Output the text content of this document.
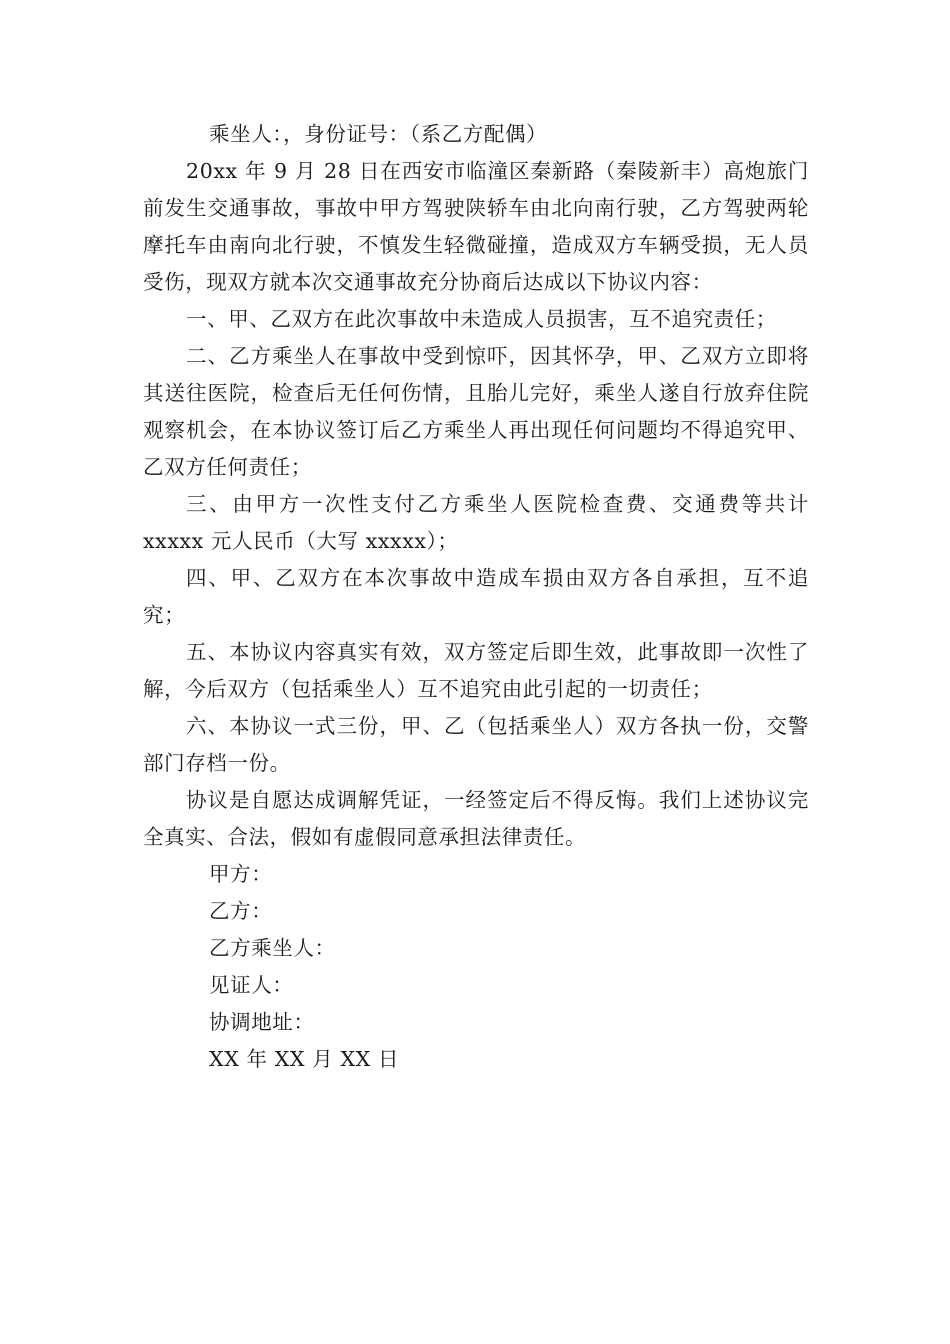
乘坐人：，身份证号：（系乙方配偶）

20xx 年 9 月 28 日在西安市临潼区秦新路（秦陵新丰）高炮旅门前发生交通事故，事故中甲方驾驶陕轿车由北向南行驶，乙方驾驶两轮摩托车由南向北行驶，不慎发生轻微碰撞，造成双方车辆受损，无人员受伤，现双方就本次交通事故充分协商后达成以下协议内容：

一、甲、乙双方在此次事故中未造成人员损害，互不追究责任；

二、乙方乘坐人在事故中受到惊吓，因其怀孕，甲、乙双方立即将其送往医院，检查后无任何伤情，且胎儿完好，乘坐人遂自行放弃住院观察机会，在本协议签订后乙方乘坐人再出现任何问题均不得追究甲、乙双方任何责任；

三、由甲方一次性支付乙方乘坐人医院检查费、交通费等共计 xxxxx 元人民币（大写 xxxxx）；

四、甲、乙双方在本次事故中造成车损由双方各自承担，互不追究；

五、本协议内容真实有效，双方签定后即生效，此事故即一次性了解，今后双方（包括乘坐人）互不追究由此引起的一切责任；

六、本协议一式三份，甲、乙（包括乘坐人）双方各执一份，交警部门存档一份。

协议是自愿达成调解凭证，一经签定后不得反悔。我们上述协议完全真实、合法，假如有虚假同意承担法律责任。

甲方：

乙方：

乙方乘坐人：

见证人：

协调地址：

XX 年 XX 月 XX 日
